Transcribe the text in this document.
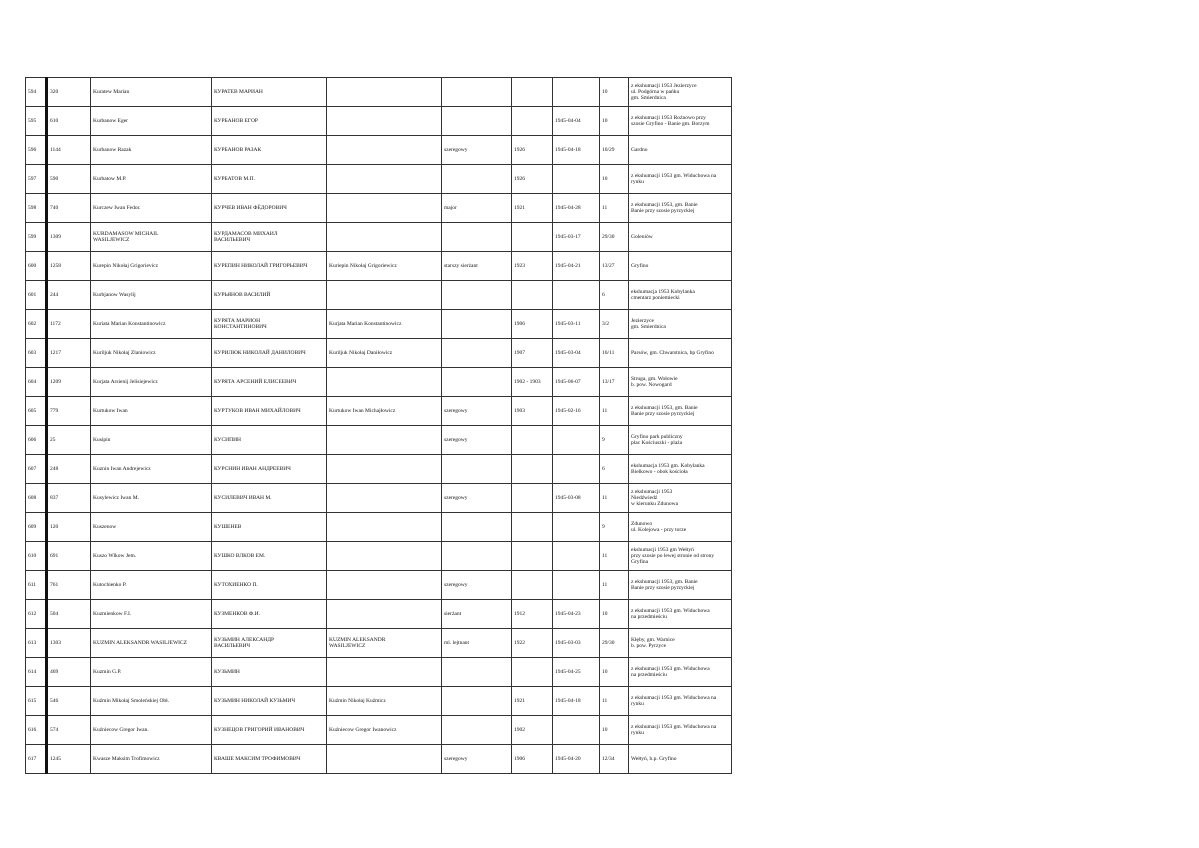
594	320	Kuratew Marian	КУРАТЕВ МАРИАН					10	z ekshumacji 1953 Jezierzyce
ul. Podgórna w pańku
gm. Smierdnica
595	610	Kurbanow Eger	КУРБАНОВ ЕГОР				1945-04-04	10	z ekshumacji 1953 Rożnowo przy
szosie Gryfino - Banie gm. Borzym
596	1144	Kurbanow Razak	КУРБАНОВ РАЗАК		szeregowy	1926	1945-04-18	10/29	Gardno
597	590	Kurbatow M.P.	КУРБАТОВ М.П.			1926		10	z ekshumacji 1953 gm. Widuchowa na
rynku
598	740	Kurczew Iwan Fedor.	КУРЧЕВ ИВАН ФЁДОРОВИЧ		major	1921	1945-04-28	11	z ekshumacji 1953, gm. Banie
Banie przy szosie pyrzyckiej
599	1309	KURDAMASOW MICHAIL
WASILJEWICZ	КУРДАМАСОВ МИХАИЛ
ВАСИЛЬЕВИЧ				1945-03-17	29/30	Goleniów
600	1258	Kurepin Nikołaj Grigorievicz	КУРЕПИН НИКОЛАЙ ГРИГОРЬЕВИЧ	Kuriepin Nikołaj Grigoriewicz	starszy sierżant	1923	1945-04-21	13/27	Gryfino
601	244	Kurbjanow Wasylij	КУРЬЯНОВ ВАСИЛИЙ					6	ekshumacja 1953 Kobylanka
cmentarz poniemiecki
602	1172	Kuriata Marian Konstantinowicz	КУРЯТА МАРИОН
КОНСТАНТИНОВИЧ	Kurjata Marian Konstantinowicz		1906	1945-03-11	3/2	Jezierzyce
gm. Smierdnica
603	1217	Kuriljuk Nikołaj Zlaniowicz	КУРИЛЮК НИКОЛАЙ ДАНИЛОВИЧ	Kuriljuk Nikołaj Daniłowicz		1907	1945-03-04	16/11	Parsów, gm. Chwarstnica, bp Gryfino
604	1209	Kurjata Arsienij Jelisiejewicz	КУРЯТА АРСЕНИЙ ЕЛИСЕЕВИЧ			1902 - 1903	1945-06-07	13/17	Struga, gm. Wołowie
b. pow. Nowogard
605	779	Kurtukow Iwan	КУРТУКОВ ИВАН МИХАЙЛОВИЧ	Kurtukow Iwan Michajłowicz	szeregowy	1903	1945-02-16	11	z ekshumacji 1953, gm. Banie
Banie przy szosie pyrzyckiej
606	25	Kusipin	КУСИПИН		szeregowy			9	Gryfino park publiczny
plac Kościuszki - plaża
607	248	Kuznin Iwan Andrejewicz	КУРСНИН ИВАН АНДРЕЕВИЧ					6	ekshumacja 1953 gm. Kobylanka
Bielkowo - obok kościoła
608	837	Kusylewicz Iwan M.	КУСИЛЕВИЧ ИВАН М.		szeregowy		1945-03-08	11	z ekshumacji 1953
Niedźwiedź
w kierunku Zdunowa
609	120	Kuszenow	КУШЕНЕВ					9	Zdunowo
ul. Kolejowa - przy torze
610	691	Kuszo Wlkow Jem.	КУШКО ВЛКОВ ЕМ.					11	ekshumacji 1953 gm Wełtyń
przy szosie po lewej stronie od strony
Gryfina
611	761	Kutochienko P.	КУТОХИЕНКО П.		szeregowy			11	z ekshumacji 1953, gm. Banie
Banie przy szosie pyrzyckiej
612	504	Kuzmienkow F.I.	КУЗМЕНКОВ Ф.И.		sierżant	1912	1945-04-23	10	z ekshumacji 1953 gm. Widuchowa
na przedmieściu
613	1303	KUZMIN ALEKSANDR WASILJEWICZ	КУЗЬМИН АЛЕКСАНДР
ВАСИЛЬЕВИЧ	KUZMIN ALEKSANDR
WASILJEWICZ	ml. lejtnant	1922	1945-03-03	29/30	Kłęby, gm. Warnice
b. pow. Pyrzyce
614	469	Kuzmin G.P.	КУЗЬМИН				1945-04-25	10	z ekshumacji 1953 gm. Widuchowa
na przedmieściu
615	546	Kuźmin Mikołaj Smoleńskiej Obł.	КУЗЬМИН НИКОЛАЙ КУЗЬМИЧ	Kuźmin Nikołaj Kuźmicz		1921	1945-04-18	11	z ekshumacji 1953 gm. Widuchowa na
rynku
616	574	Kuźniecow Gregor Iwan.	КУЗНЕЦОВ ГРИГОРИЙ ИВАНОВИЧ	Kuźniecow Gregor Iwanowicz		1902		10	z ekshumacji 1953 gm. Widuchowa na
rynku
617	1245	Kwasze Maksim Trofimowicz	КВАШЕ МАКСИМ ТРОФИМОВИЧ		szeregowy	1906	1945-04-20	12/34	Wełtyń, b.p. Gryfino
